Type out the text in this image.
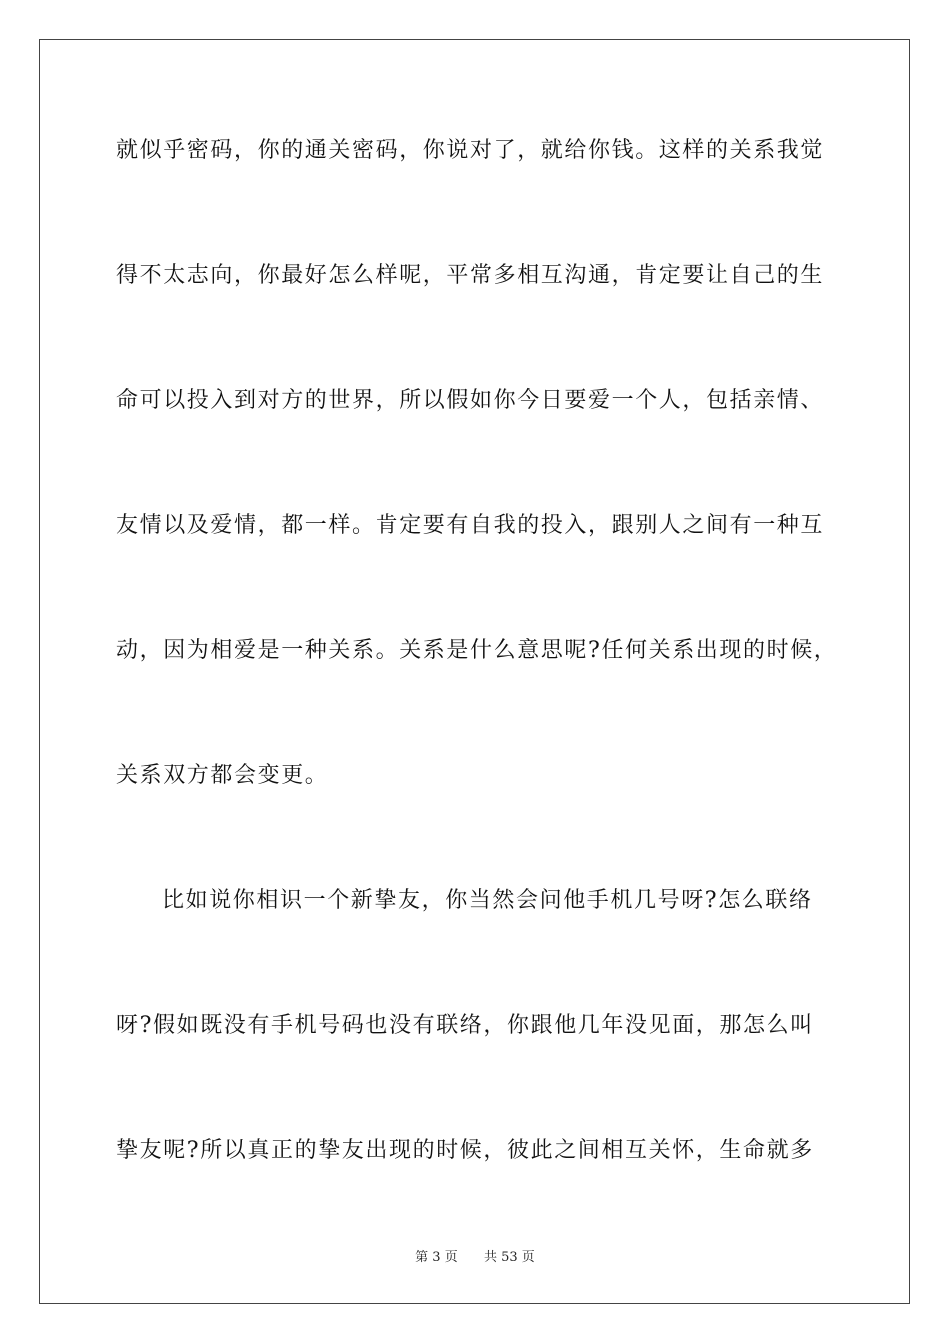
就似乎密码，你的通关密码，你说对了，就给你钱。这样的关系我觉
得不太志向，你最好怎么样呢，平常多相互沟通，肯定要让自己的生
命可以投入到对方的世界，所以假如你今日要爱一个人，包括亲情、
友情以及爱情，都一样。肯定要有自我的投入，跟别人之间有一种互
动，因为相爱是一种关系。关系是什么意思呢?任何关系出现的时候，
关系双方都会变更。
比如说你相识一个新挚友，你当然会问他手机几号呀?怎么联络
呀?假如既没有手机号码也没有联络，你跟他几年没见面，那怎么叫
挚友呢?所以真正的挚友出现的时候，彼此之间相互关怀，生命就多
第 3 页 共 53 页
